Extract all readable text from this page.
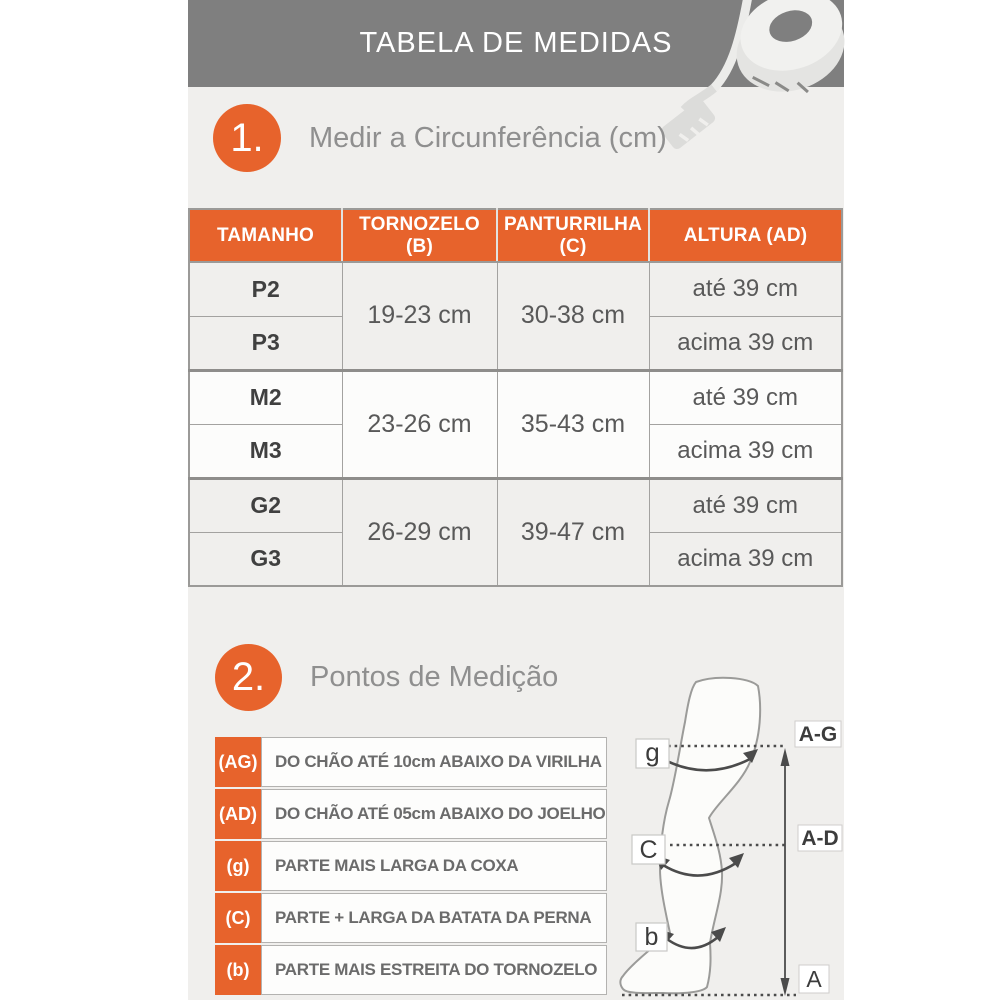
TABELA DE MEDIDAS
1. Medir a Circunferência (cm)
TAMANHO	TORNOZELO (B)	PANTURRILHA (C)	ALTURA (AD)
P2	19-23 cm	30-38 cm	até 39 cm
P3			acima 39 cm
M2	23-26 cm	35-43 cm	até 39 cm
M3			acima 39 cm
G2	26-29 cm	39-47 cm	até 39 cm
G3			acima 39 cm
2. Pontos de Medição
(AG)	DO CHÃO ATÉ 10cm ABAIXO DA VIRILHA
(AD)	DO CHÃO ATÉ 05cm ABAIXO DO JOELHO
(g)	PARTE MAIS LARGA DA COXA
(C)	PARTE + LARGA DA BATATA DA PERNA
(b)	PARTE MAIS ESTREITA DO TORNOZELO
g
C
b
A-G
A-D
A
